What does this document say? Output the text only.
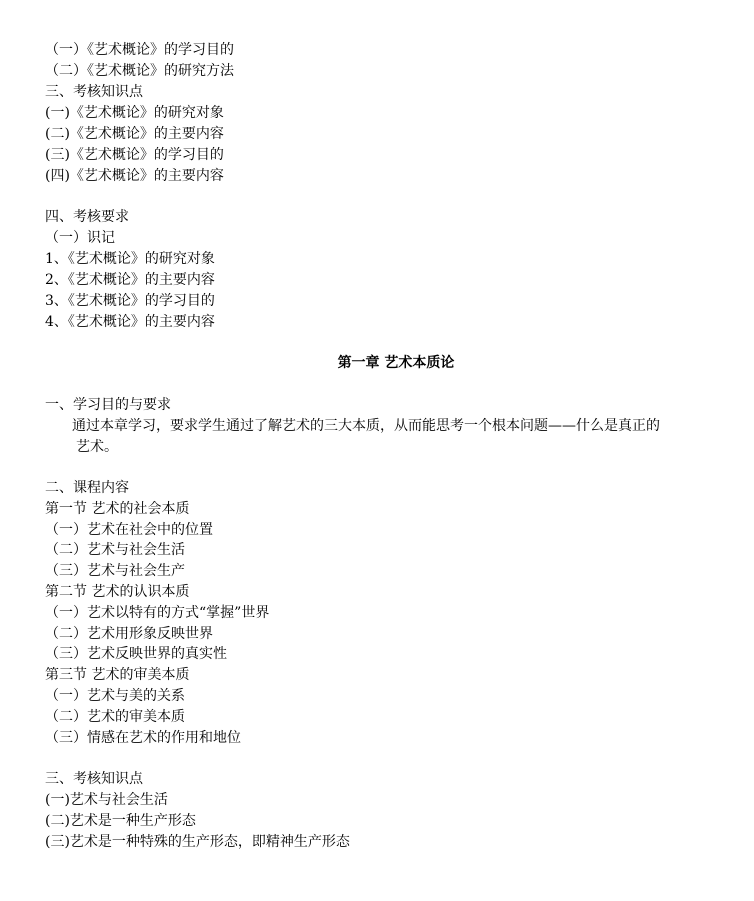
（一）《艺术概论》的学习目的
（二）《艺术概论》的研究方法
三、考核知识点
(一)《艺术概论》的研究对象
(二)《艺术概论》的主要内容
(三)《艺术概论》的学习目的
(四)《艺术概论》的主要内容
四、考核要求
（一）识记
1、《艺术概论》的研究对象
2、《艺术概论》的主要内容
3、《艺术概论》的学习目的
4、《艺术概论》的主要内容
第一章 艺术本质论
一、学习目的与要求
通过本章学习，要求学生通过了解艺术的三大本质，从而能思考一个根本问题——什么是真正的
艺术。
二、课程内容
第一节 艺术的社会本质
（一）艺术在社会中的位置
（二）艺术与社会生活
（三）艺术与社会生产
第二节 艺术的认识本质
（一）艺术以特有的方式“掌握”世界
（二）艺术用形象反映世界
（三）艺术反映世界的真实性
第三节 艺术的审美本质
（一）艺术与美的关系
（二）艺术的审美本质
（三）情感在艺术的作用和地位
三、考核知识点
(一)艺术与社会生活
(二)艺术是一种生产形态
(三)艺术是一种特殊的生产形态，即精神生产形态
